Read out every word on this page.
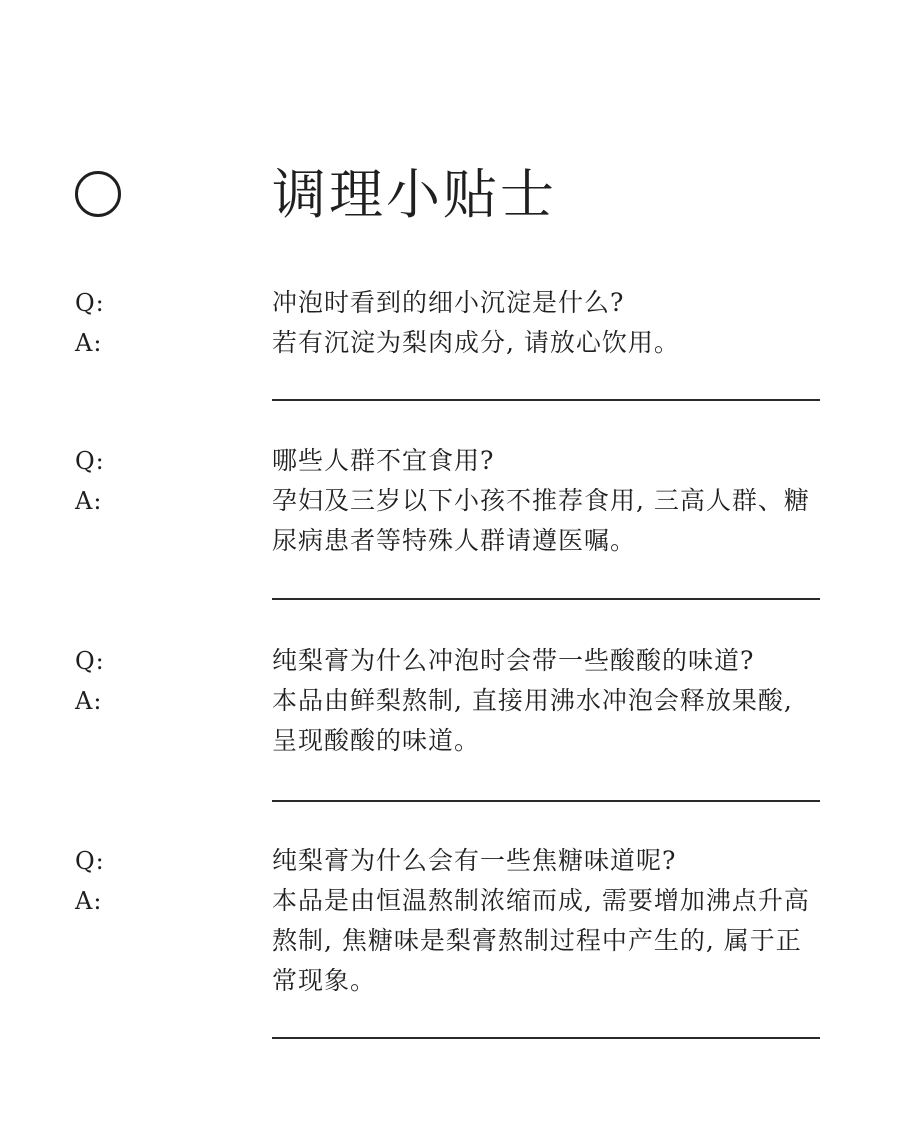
调理小贴士
Q:	冲泡时看到的细小沉淀是什么?
A:	若有沉淀为梨肉成分, 请放心饮用。
Q:	哪些人群不宜食用?
A:	孕妇及三岁以下小孩不推荐食用, 三高人群、糖尿病患者等特殊人群请遵医嘱。
Q:	纯梨膏为什么冲泡时会带一些酸酸的味道?
A:	本品由鲜梨熬制, 直接用沸水冲泡会释放果酸, 呈现酸酸的味道。
Q:	纯梨膏为什么会有一些焦糖味道呢?
A:	本品是由恒温熬制浓缩而成, 需要增加沸点升高熬制, 焦糖味是梨膏熬制过程中产生的, 属于正常现象。
